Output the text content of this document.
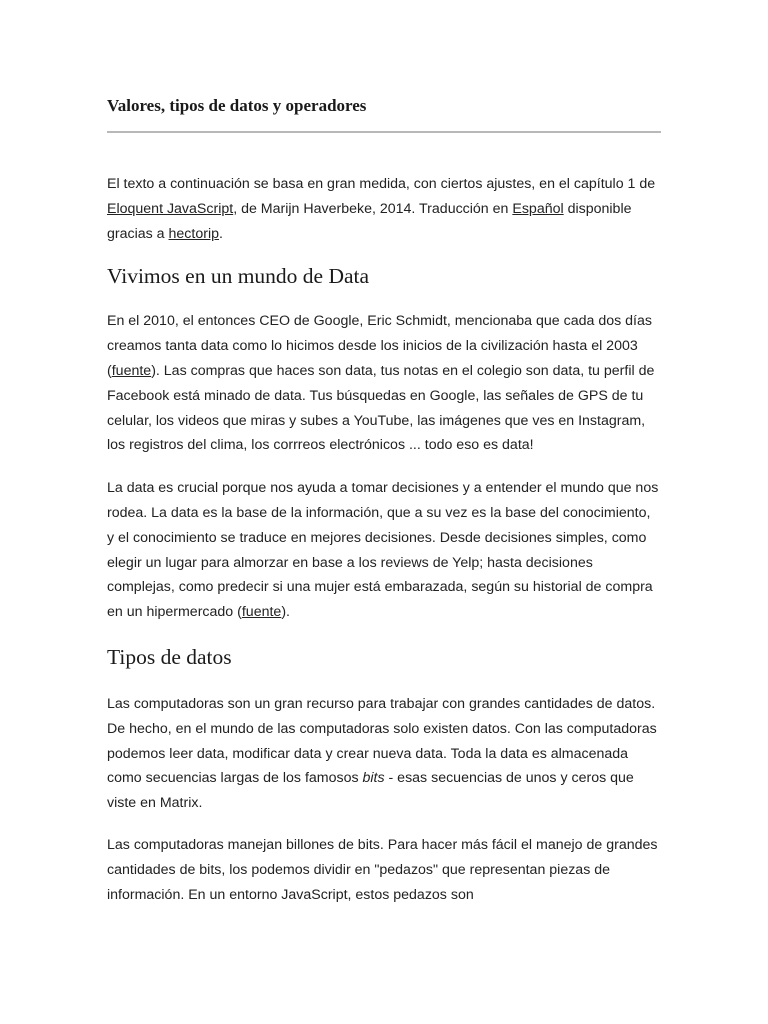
Valores, tipos de datos y operadores

El texto a continuación se basa en gran medida, con ciertos ajustes, en el capítulo 1 de Eloquent JavaScript, de Marijn Haverbeke, 2014. Traducción en Español disponible gracias a hectorip.

Vivimos en un mundo de Data

En el 2010, el entonces CEO de Google, Eric Schmidt, mencionaba que cada dos días creamos tanta data como lo hicimos desde los inicios de la civilización hasta el 2003 (fuente). Las compras que haces son data, tus notas en el colegio son data, tu perfil de Facebook está minado de data. Tus búsquedas en Google, las señales de GPS de tu celular, los videos que miras y subes a YouTube, las imágenes que ves en Instagram, los registros del clima, los corrreos electrónicos ... todo eso es data!

La data es crucial porque nos ayuda a tomar decisiones y a entender el mundo que nos rodea. La data es la base de la información, que a su vez es la base del conocimiento, y el conocimiento se traduce en mejores decisiones. Desde decisiones simples, como elegir un lugar para almorzar en base a los reviews de Yelp; hasta decisiones complejas, como predecir si una mujer está embarazada, según su historial de compra en un hipermercado (fuente).

Tipos de datos

Las computadoras son un gran recurso para trabajar con grandes cantidades de datos. De hecho, en el mundo de las computadoras solo existen datos. Con las computadoras podemos leer data, modificar data y crear nueva data. Toda la data es almacenada como secuencias largas de los famosos bits - esas secuencias de unos y ceros que viste en Matrix.

Las computadoras manejan billones de bits. Para hacer más fácil el manejo de grandes cantidades de bits, los podemos dividir en "pedazos" que representan piezas de información. En un entorno JavaScript, estos pedazos son
